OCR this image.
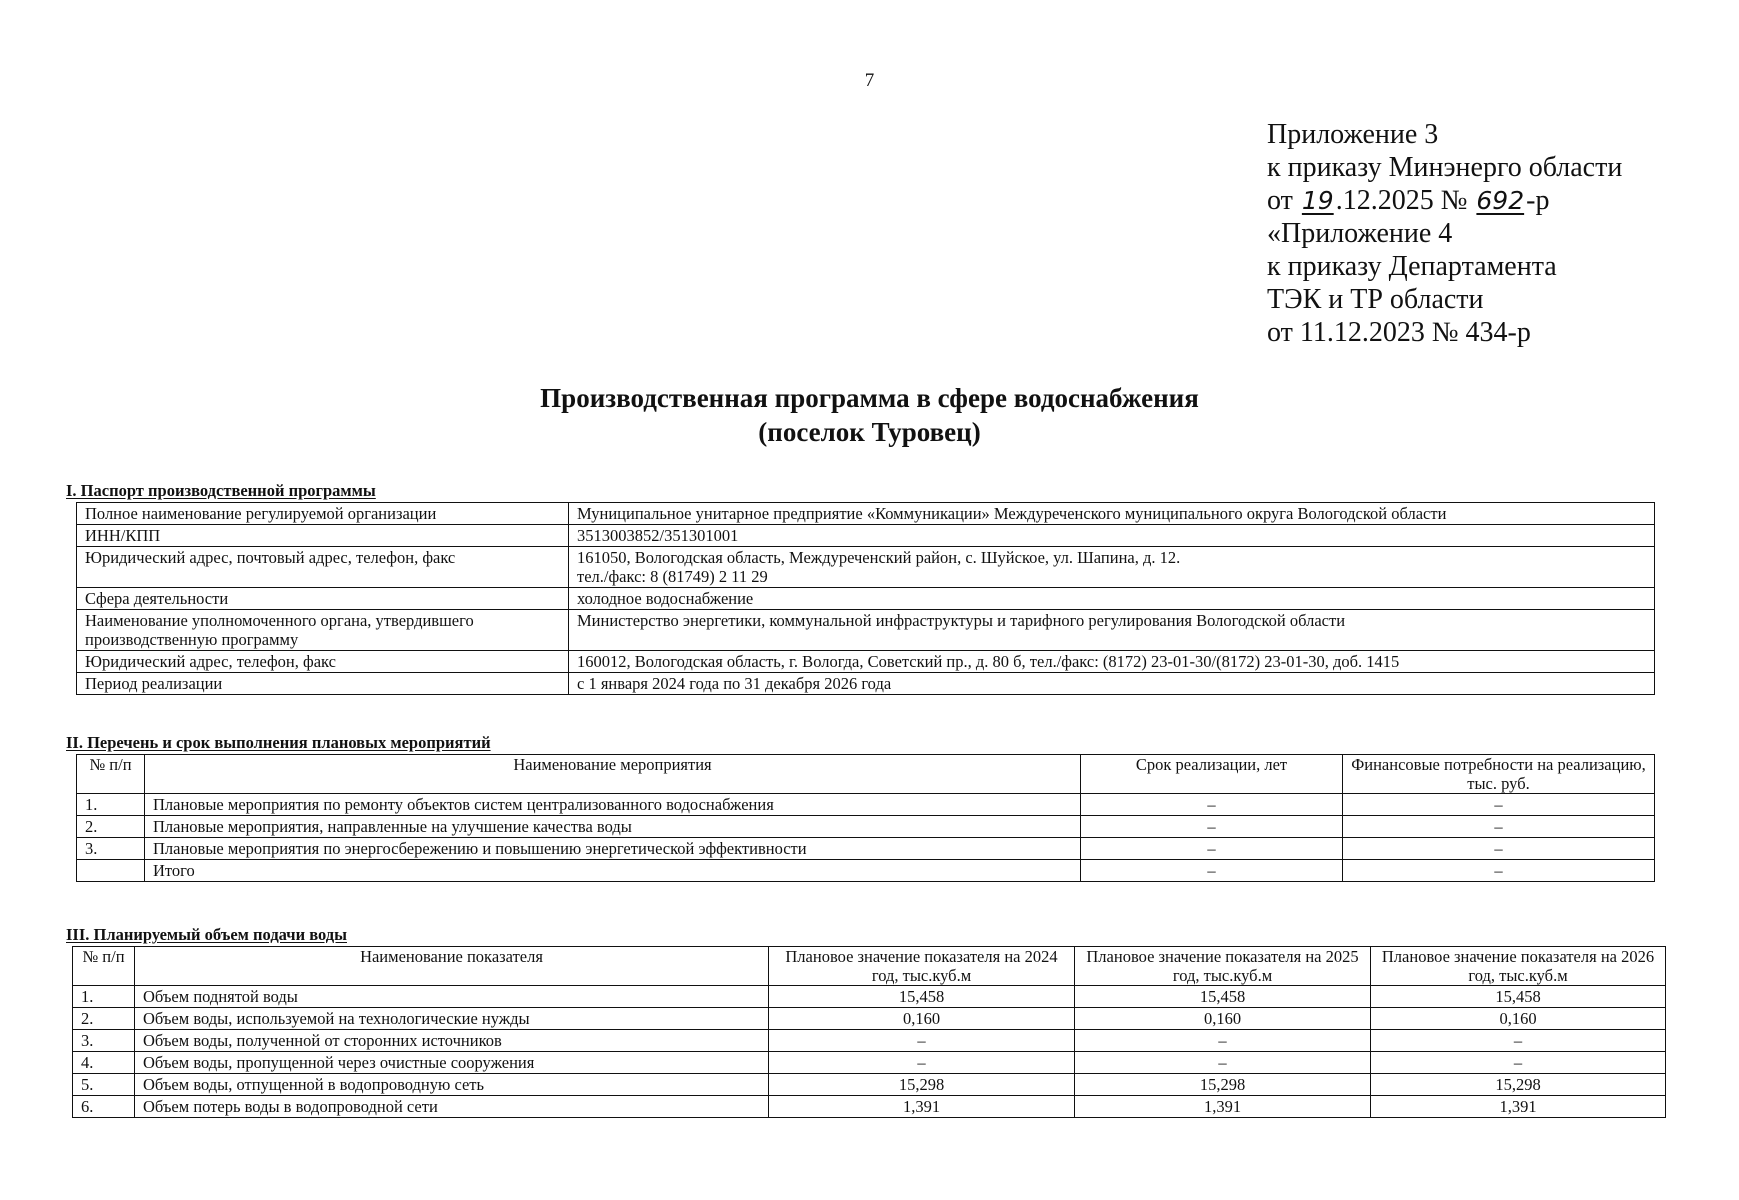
7
Приложение 3
к приказу Минэнерго области
от 19.12.2025 № 692-р
«Приложение 4
к приказу Департамента
ТЭК и ТР области
от 11.12.2023 № 434-р
Производственная программа в сфере водоснабжения
(поселок Туровец)
I. Паспорт производственной программы
Полное наименование регулируемой организации	Муниципальное унитарное предприятие «Коммуникации» Междуреченского муниципального округа Вологодской области
ИНН/КПП	3513003852/351301001
Юридический адрес, почтовый адрес, телефон, факс	161050, Вологодская область, Междуреченский район, с. Шуйское, ул. Шапина, д. 12.
тел./факс: 8 (81749) 2 11 29

Сфера деятельности	холодное водоснабжение
Наименование уполномоченного органа, утвердившего производственную программу	Министерство энергетики, коммунальной инфраструктуры и тарифного регулирования Вологодской области
Юридический адрес, телефон, факс	160012, Вологодская область, г. Вологда, Советский пр., д. 80 б, тел./факс: (8172) 23-01-30/(8172) 23-01-30, доб. 1415
Период реализации	с 1 января 2024 года по 31 декабря 2026 года
II. Перечень и срок выполнения плановых мероприятий
№ п/п	Наименование мероприятия	Срок реализации, лет	Финансовые потребности на реализацию, тыс. руб.
1.	Плановые мероприятия по ремонту объектов систем централизованного водоснабжения	–	–
2.	Плановые мероприятия, направленные на улучшение качества воды	–	–
3.	Плановые мероприятия по энергосбережению и повышению энергетической эффективности	–	–
	Итого	–	–
III. Планируемый объем подачи воды
№ п/п	Наименование показателя	Плановое значение показателя на 2024 год, тыс.куб.м	Плановое значение показателя на 2025 год, тыс.куб.м	Плановое значение показателя на 2026 год, тыс.куб.м
1.	Объем поднятой воды	15,458	15,458	15,458
2.	Объем воды, используемой на технологические нужды	0,160	0,160	0,160
3.	Объем воды, полученной от сторонних источников	–	–	–
4.	Объем воды, пропущенной через очистные сооружения	–	–	–
5.	Объем воды, отпущенной в водопроводную сеть	15,298	15,298	15,298
6.	Объем потерь воды в водопроводной сети	1,391	1,391	1,391
